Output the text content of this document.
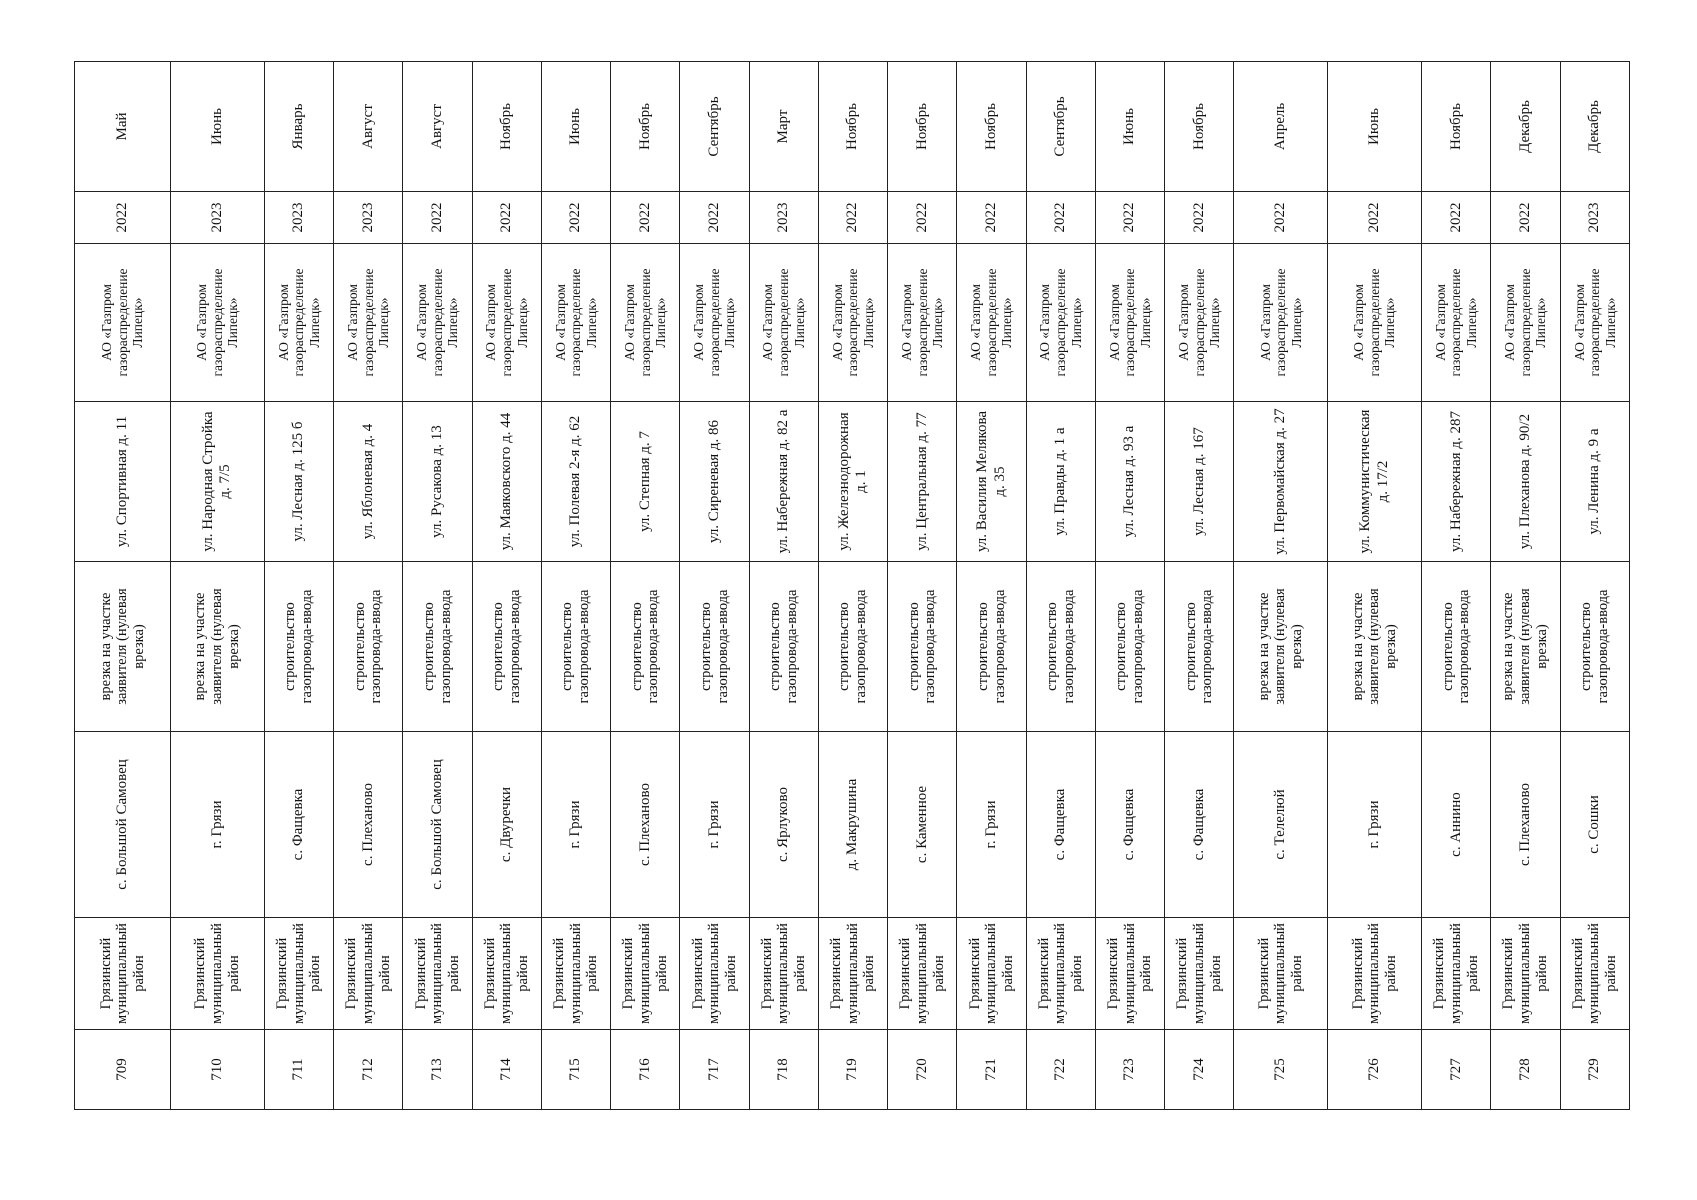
709	Грязинский муниципальный район	с. Большой Самовец	врезка на участке заявителя (нулевая врезка)	ул. Спортивная д. 11	АО «Газпром газораспределение Липецк»	2022	Май
710	Грязинский муниципальный район	г. Грязи	врезка на участке заявителя (нулевая врезка)	ул. Народная Стройка д. 7/5	АО «Газпром газораспределение Липецк»	2023	Июнь
711	Грязинский муниципальный район	с. Фащевка	строительство газопровода-ввода	ул. Лесная д. 125 б	АО «Газпром газораспределение Липецк»	2023	Январь
712	Грязинский муниципальный район	с. Плеханово	строительство газопровода-ввода	ул. Яблоневая д. 4	АО «Газпром газораспределение Липецк»	2023	Август
713	Грязинский муниципальный район	с. Большой Самовец	строительство газопровода-ввода	ул. Русакова д. 13	АО «Газпром газораспределение Липецк»	2022	Август
714	Грязинский муниципальный район	с. Двуречки	строительство газопровода-ввода	ул. Маяковского д. 44	АО «Газпром газораспределение Липецк»	2022	Ноябрь
715	Грязинский муниципальный район	г. Грязи	строительство газопровода-ввода	ул. Полевая 2-я д. 62	АО «Газпром газораспределение Липецк»	2022	Июнь
716	Грязинский муниципальный район	с. Плеханово	строительство газопровода-ввода	ул. Степная д. 7	АО «Газпром газораспределение Липецк»	2022	Ноябрь
717	Грязинский муниципальный район	г. Грязи	строительство газопровода-ввода	ул. Сиреневая д. 86	АО «Газпром газораспределение Липецк»	2022	Сентябрь
718	Грязинский муниципальный район	с. Ярлуково	строительство газопровода-ввода	ул. Набережная д. 82 а	АО «Газпром газораспределение Липецк»	2023	Март
719	Грязинский муниципальный район	д. Макрушина	строительство газопровода-ввода	ул. Железнодорожная д. 1	АО «Газпром газораспределение Липецк»	2022	Ноябрь
720	Грязинский муниципальный район	с. Каменное	строительство газопровода-ввода	ул. Центральная д. 77	АО «Газпром газораспределение Липецк»	2022	Ноябрь
721	Грязинский муниципальный район	г. Грязи	строительство газопровода-ввода	ул. Василия Мелякова д. 35	АО «Газпром газораспределение Липецк»	2022	Ноябрь
722	Грязинский муниципальный район	с. Фащевка	строительство газопровода-ввода	ул. Правды д. 1 а	АО «Газпром газораспределение Липецк»	2022	Сентябрь
723	Грязинский муниципальный район	с. Фащевка	строительство газопровода-ввода	ул. Лесная д. 93 а	АО «Газпром газораспределение Липецк»	2022	Июнь
724	Грязинский муниципальный район	с. Фащевка	строительство газопровода-ввода	ул. Лесная д. 167	АО «Газпром газораспределение Липецк»	2022	Ноябрь
725	Грязинский муниципальный район	с. Телелюй	врезка на участке заявителя (нулевая врезка)	ул. Первомайская д. 27	АО «Газпром газораспределение Липецк»	2022	Апрель
726	Грязинский муниципальный район	г. Грязи	врезка на участке заявителя (нулевая врезка)	ул. Коммунистическая д. 17/2	АО «Газпром газораспределение Липецк»	2022	Июнь
727	Грязинский муниципальный район	с. Аннино	строительство газопровода-ввода	ул. Набережная д. 287	АО «Газпром газораспределение Липецк»	2022	Ноябрь
728	Грязинский муниципальный район	с. Плеханово	врезка на участке заявителя (нулевая врезка)	ул. Плеханова д. 90/2	АО «Газпром газораспределение Липецк»	2022	Декабрь
729	Грязинский муниципальный район	с. Сошки	строительство газопровода-ввода	ул. Ленина д. 9 а	АО «Газпром газораспределение Липецк»	2023	Декабрь
